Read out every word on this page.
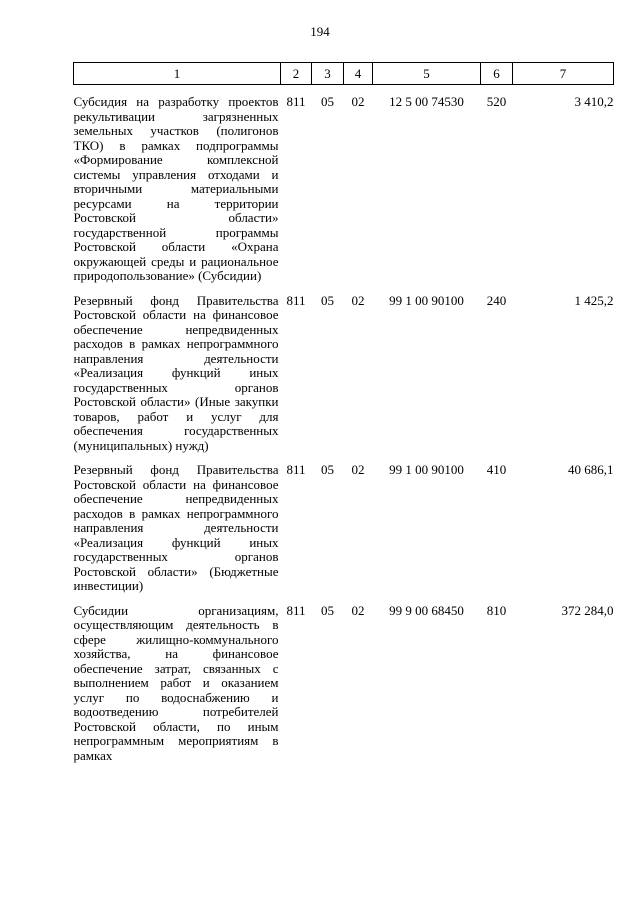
194
1	2	3	4	5	6	7

Субсидия на разработку проектов рекультивации загрязненных земельных участков (полигонов ТКО) в рамках подпрограммы «Формирование комплексной системы управления отходами и вторичными материальными ресурсами на территории Ростовской области» государственной программы Ростовской области «Охрана окружающей среды и рациональное природопользование» (Субсидии)	811	05	02	12 5 00 74530	520	3 410,2

Резервный фонд Правительства Ростовской области на финансовое обеспечение непредвиденных расходов в рамках непрограммного направления деятельности «Реализация функций иных государственных органов Ростовской области» (Иные закупки товаров, работ и услуг для обеспечения государственных (муниципальных) нужд)	811	05	02	99 1 00 90100	240	1 425,2

Резервный фонд Правительства Ростовской области на финансовое обеспечение непредвиденных расходов в рамках непрограммного направления деятельности «Реализация функций иных государственных органов Ростовской области» (Бюджетные инвестиции)	811	05	02	99 1 00 90100	410	40 686,1

Субсидии организациям, осуществляющим деятельность в сфере жилищно-коммунального хозяйства, на финансовое обеспечение затрат, связанных с выполнением работ и оказанием услуг по водоснабжению и водоотведению потребителей Ростовской области, по иным непрограммным мероприятиям в рамках	811	05	02	99 9 00 68450	810	372 284,0
